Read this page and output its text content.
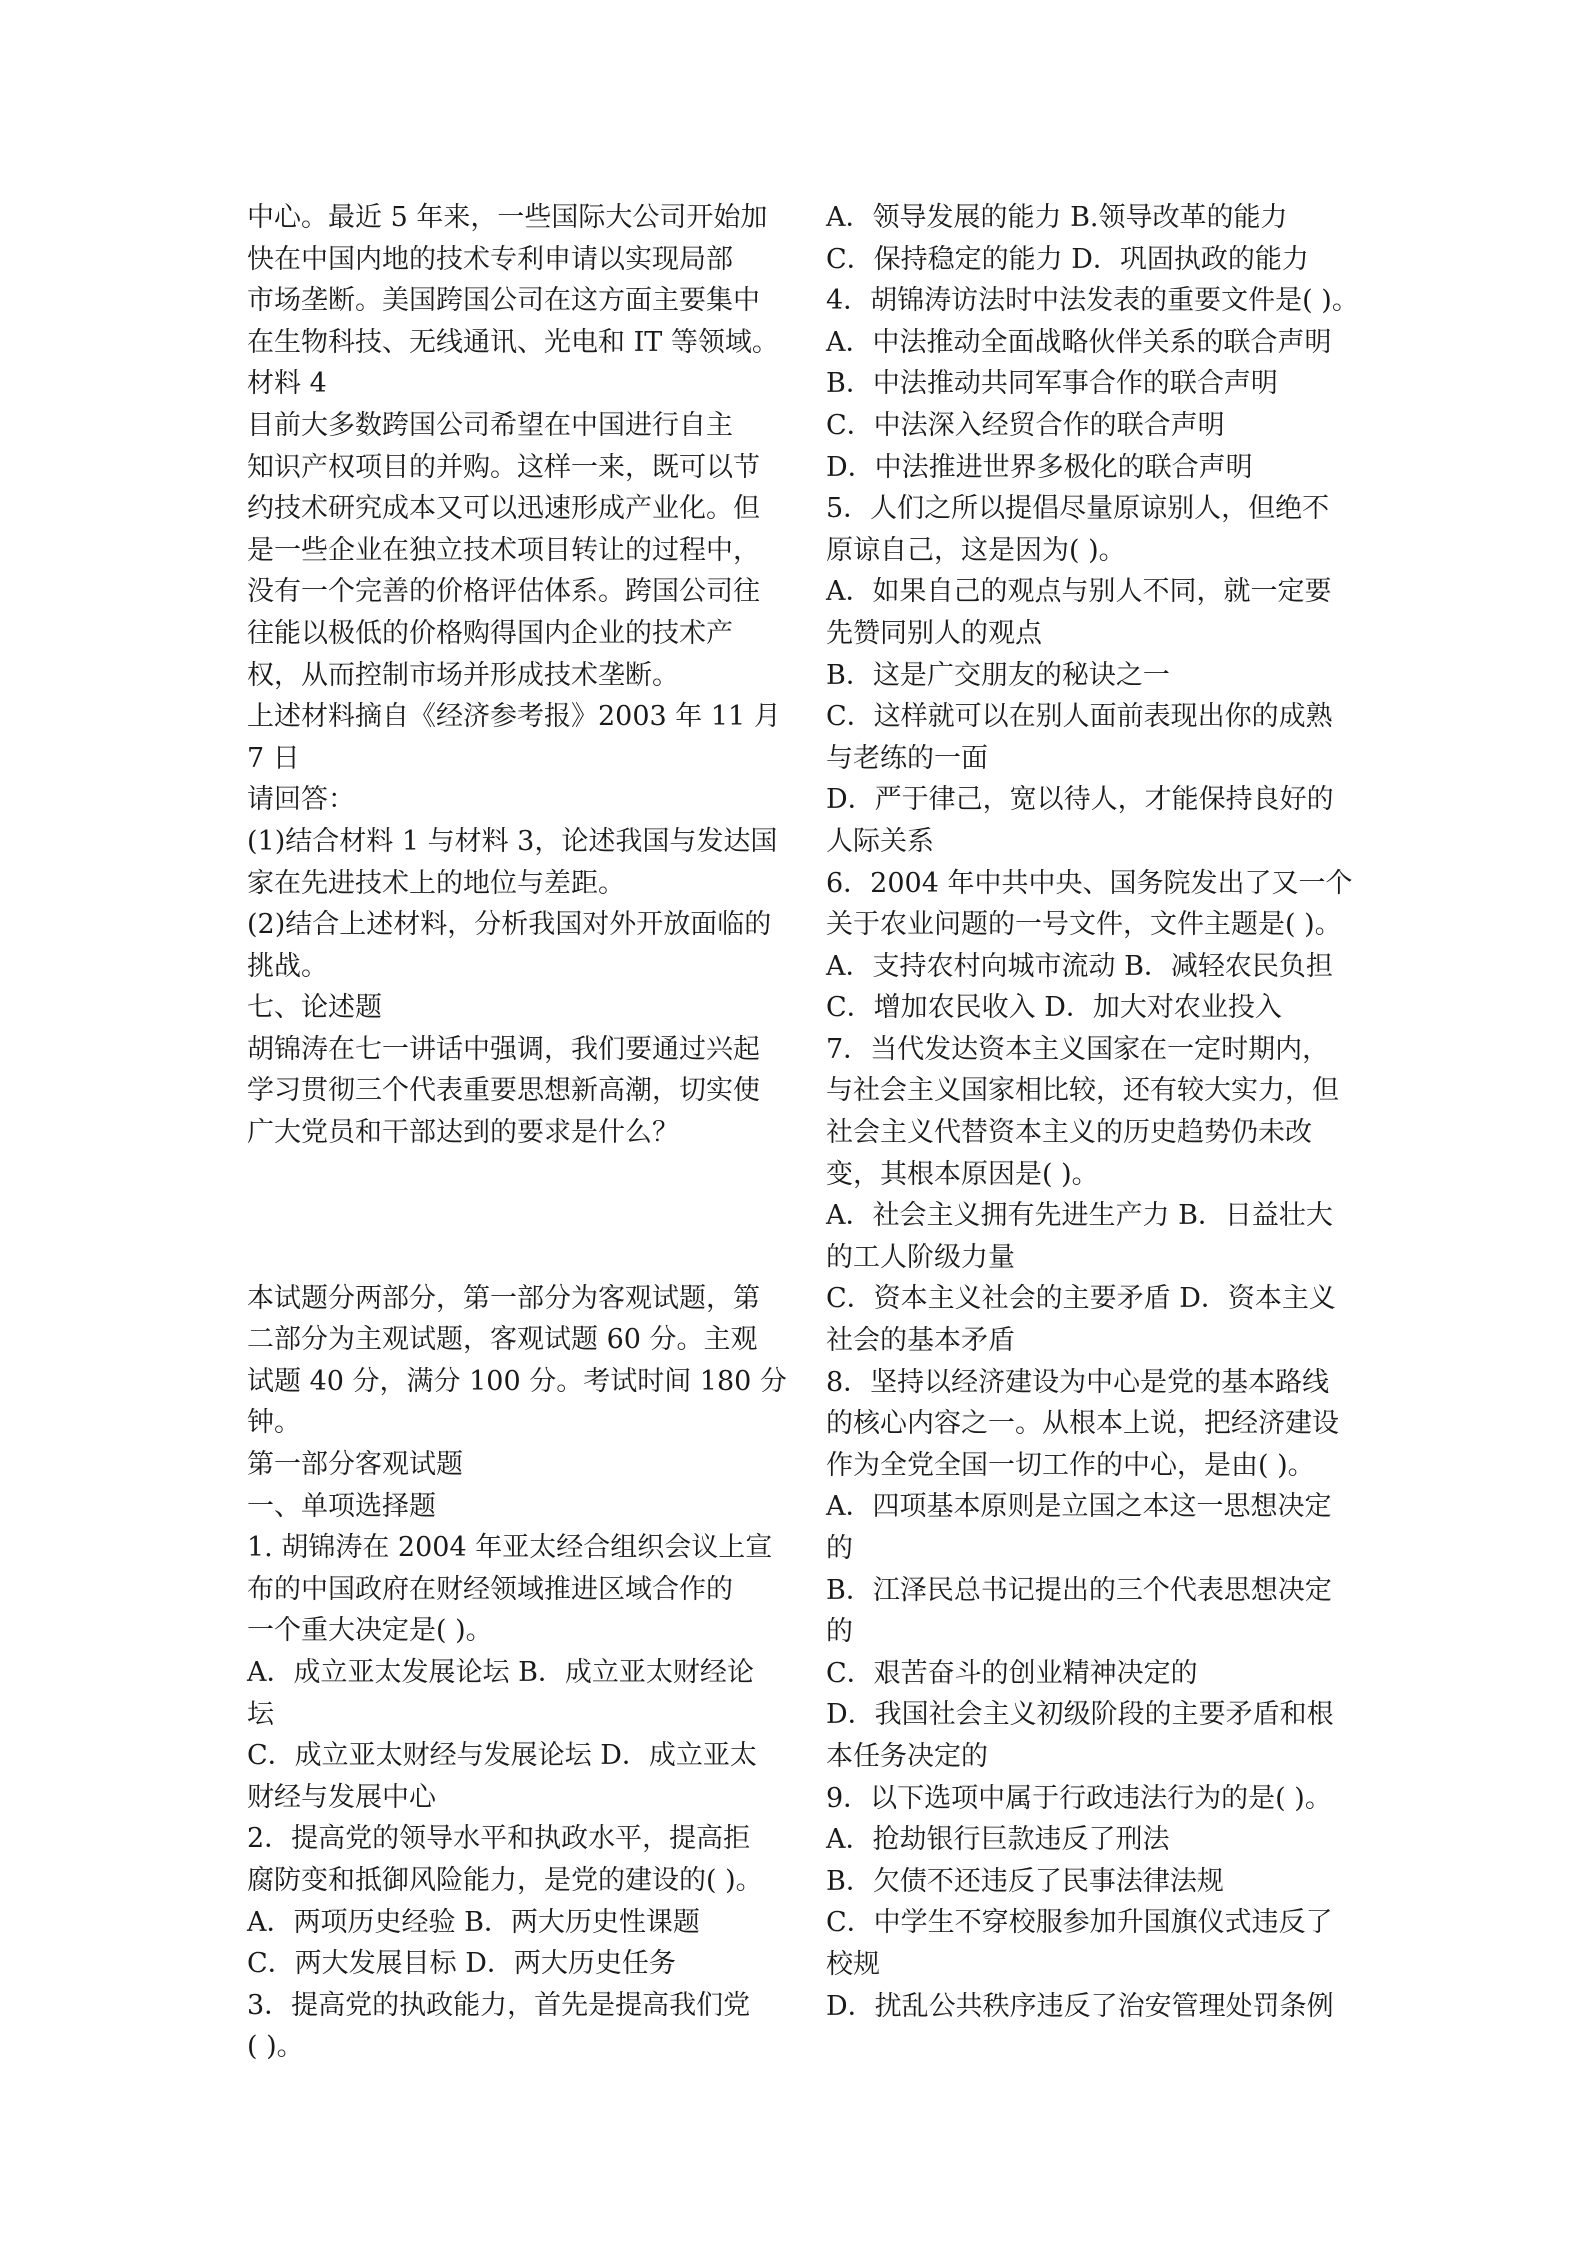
中心。最近 5 年来，一些国际大公司开始加
快在中国内地的技术专利申请以实现局部
市场垄断。美国跨国公司在这方面主要集中
在生物科技、无线通讯、光电和 IT 等领域。
材料 4
目前大多数跨国公司希望在中国进行自主
知识产权项目的并购。这样一来，既可以节
约技术研究成本又可以迅速形成产业化。但
是一些企业在独立技术项目转让的过程中，
没有一个完善的价格评估体系。跨国公司往
往能以极低的价格购得国内企业的技术产
权，从而控制市场并形成技术垄断。
上述材料摘自《经济参考报》2003 年 11 月
7 日
请回答：
(1)结合材料 1 与材料 3，论述我国与发达国
家在先进技术上的地位与差距。
(2)结合上述材料，分析我国对外开放面临的
挑战。
七、论述题
胡锦涛在七一讲话中强调，我们要通过兴起
学习贯彻三个代表重要思想新高潮，切实使
广大党员和干部达到的要求是什么？
本试题分两部分，第一部分为客观试题，第
二部分为主观试题，客观试题 60 分。主观
试题 40 分，满分 100 分。考试时间 180 分
钟。
第一部分客观试题
一、单项选择题
1. 胡锦涛在 2004 年亚太经合组织会议上宣
布的中国政府在财经领域推进区域合作的
一个重大决定是( )。
A．成立亚太发展论坛 B．成立亚太财经论
坛
C．成立亚太财经与发展论坛 D．成立亚太
财经与发展中心
2．提高党的领导水平和执政水平，提高拒
腐防变和抵御风险能力，是党的建设的( )。
A．两项历史经验 B．两大历史性课题
C．两大发展目标 D．两大历史任务
3．提高党的执政能力，首先是提高我们党
( )。
A．领导发展的能力 B.领导改革的能力
C．保持稳定的能力 D．巩固执政的能力
4．胡锦涛访法时中法发表的重要文件是( )。
A．中法推动全面战略伙伴关系的联合声明
B．中法推动共同军事合作的联合声明
C．中法深入经贸合作的联合声明
D．中法推进世界多极化的联合声明
5．人们之所以提倡尽量原谅别人，但绝不
原谅自己，这是因为( )。
A．如果自己的观点与别人不同，就一定要
先赞同别人的观点
B．这是广交朋友的秘诀之一
C．这样就可以在别人面前表现出你的成熟
与老练的一面
D．严于律己，宽以待人，才能保持良好的
人际关系
6．2004 年中共中央、国务院发出了又一个
关于农业问题的一号文件，文件主题是( )。
A．支持农村向城市流动 B．减轻农民负担
C．增加农民收入 D．加大对农业投入
7．当代发达资本主义国家在一定时期内，
与社会主义国家相比较，还有较大实力，但
社会主义代替资本主义的历史趋势仍未改
变，其根本原因是( )。
A．社会主义拥有先进生产力 B．日益壮大
的工人阶级力量
C．资本主义社会的主要矛盾 D．资本主义
社会的基本矛盾
8．坚持以经济建设为中心是党的基本路线
的核心内容之一。从根本上说，把经济建设
作为全党全国一切工作的中心，是由( )。
A．四项基本原则是立国之本这一思想决定
的
B．江泽民总书记提出的三个代表思想决定
的
C．艰苦奋斗的创业精神决定的
D．我国社会主义初级阶段的主要矛盾和根
本任务决定的
9．以下选项中属于行政违法行为的是( )。
A．抢劫银行巨款违反了刑法
B．欠债不还违反了民事法律法规
C．中学生不穿校服参加升国旗仪式违反了
校规
D．扰乱公共秩序违反了治安管理处罚条例
